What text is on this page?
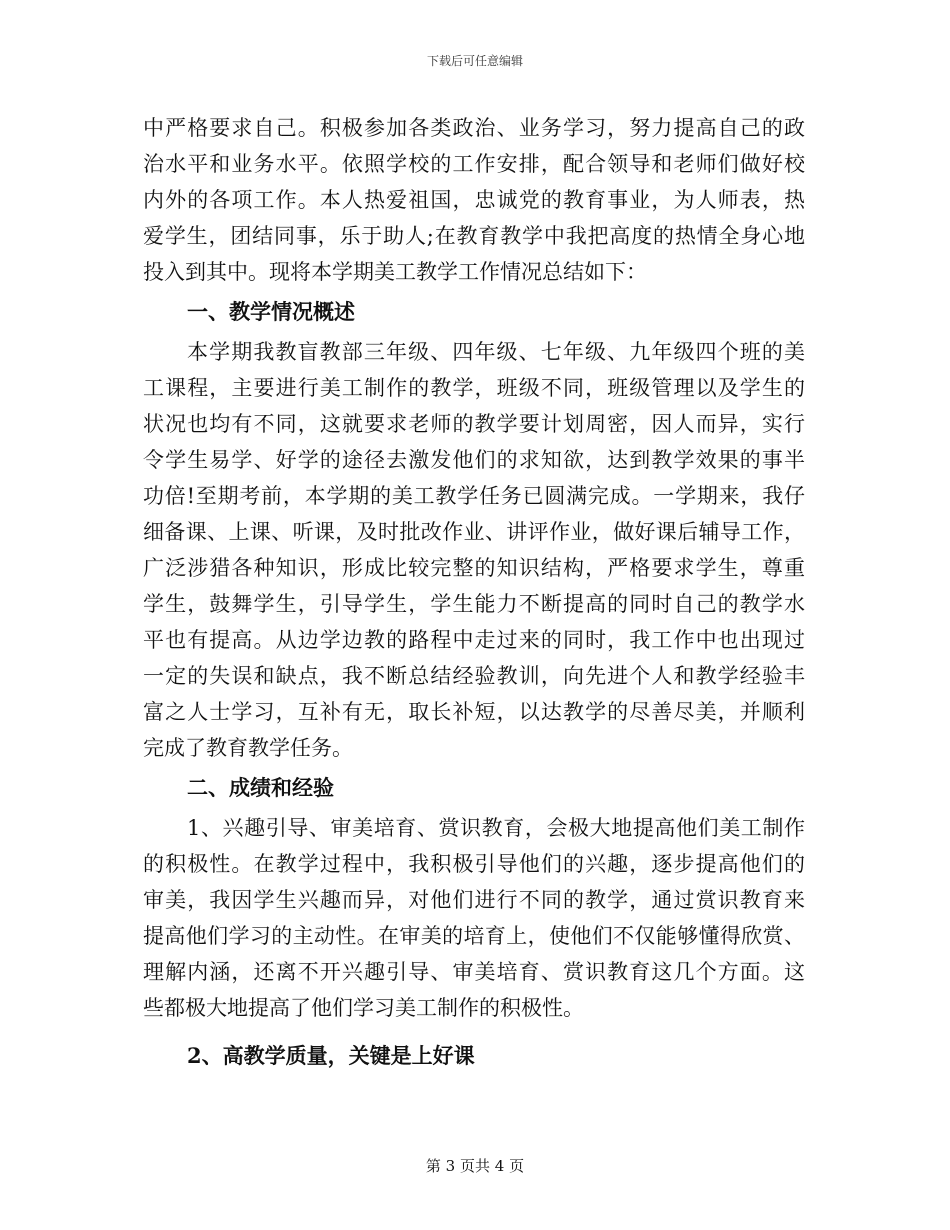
下载后可任意编辑
中严格要求自己。积极参加各类政治、业务学习，努力提高自己的政
治水平和业务水平。依照学校的工作安排，配合领导和老师们做好校
内外的各项工作。本人热爱祖国，忠诚党的教育事业，为人师表，热
爱学生，团结同事，乐于助人;在教育教学中我把高度的热情全身心地
投入到其中。现将本学期美工教学工作情况总结如下：
一、教学情况概述
本学期我教盲教部三年级、四年级、七年级、九年级四个班的美
工课程，主要进行美工制作的教学，班级不同，班级管理以及学生的
状况也均有不同，这就要求老师的教学要计划周密，因人而异，实行
令学生易学、好学的途径去激发他们的求知欲，达到教学效果的事半
功倍!至期考前，本学期的美工教学任务已圆满完成。一学期来，我仔
细备课、上课、听课，及时批改作业、讲评作业，做好课后辅导工作，
广泛涉猎各种知识，形成比较完整的知识结构，严格要求学生，尊重
学生，鼓舞学生，引导学生，学生能力不断提高的同时自己的教学水
平也有提高。从边学边教的路程中走过来的同时，我工作中也出现过
一定的失误和缺点，我不断总结经验教训，向先进个人和教学经验丰
富之人士学习，互补有无，取长补短，以达教学的尽善尽美，并顺利
完成了教育教学任务。
二、成绩和经验
1、兴趣引导、审美培育、赏识教育，会极大地提高他们美工制作
的积极性。在教学过程中，我积极引导他们的兴趣，逐步提高他们的
审美，我因学生兴趣而异，对他们进行不同的教学，通过赏识教育来
提高他们学习的主动性。在审美的培育上，使他们不仅能够懂得欣赏、
理解内涵，还离不开兴趣引导、审美培育、赏识教育这几个方面。这
些都极大地提高了他们学习美工制作的积极性。
2、高教学质量，关键是上好课
第 3 页共 4 页
